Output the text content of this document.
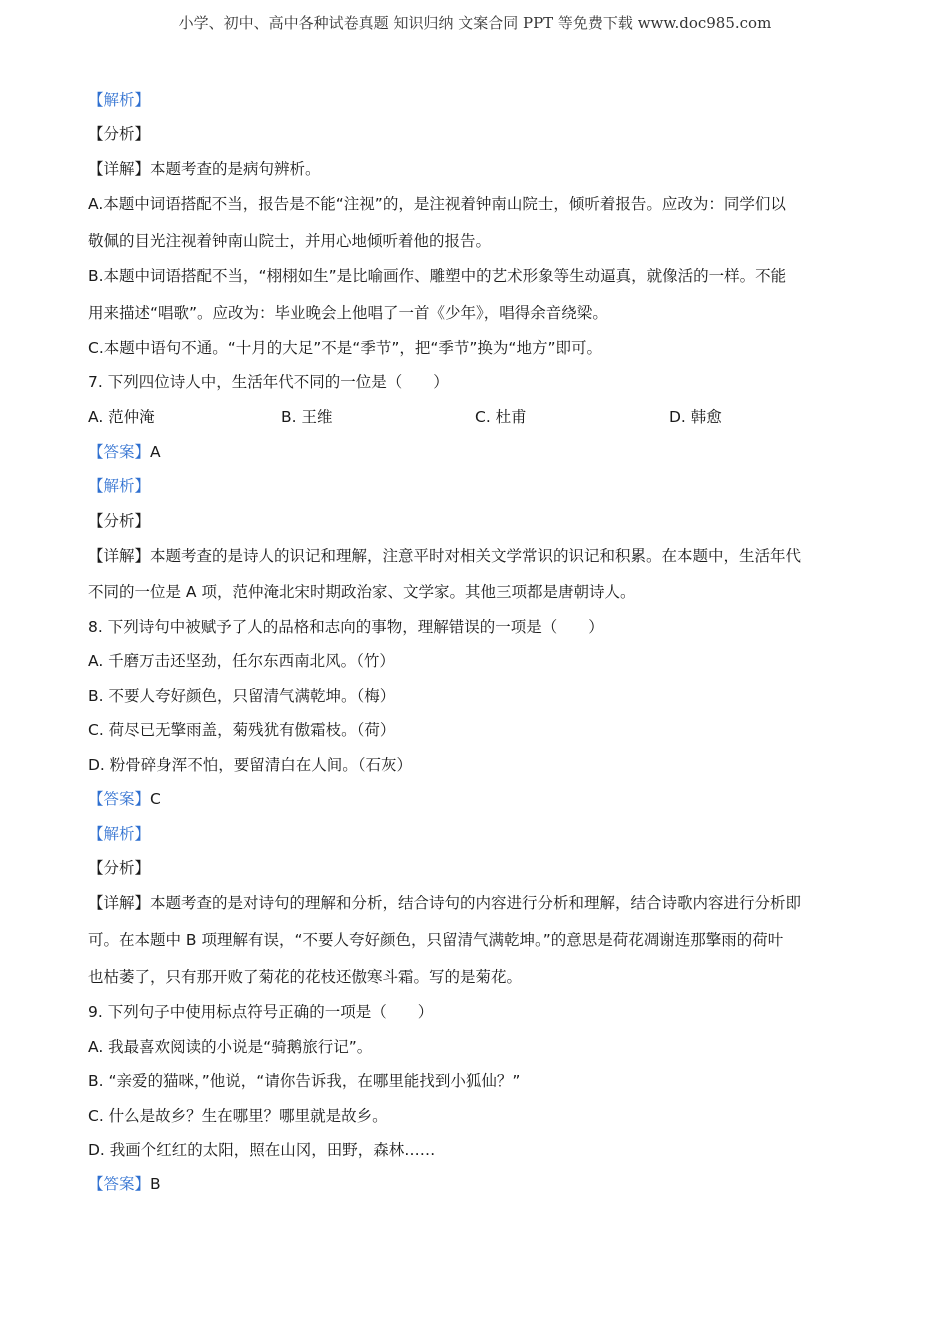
小学、初中、高中各种试卷真题 知识归纳 文案合同 PPT 等免费下载 www.doc985.com
【解析】
【分析】
【详解】本题考查的是病句辨析。
A.本题中词语搭配不当，报告是不能“注视”的，是注视着钟南山院士，倾听着报告。应改为：同学们以
敬佩的目光注视着钟南山院士，并用心地倾听着他的报告。
B.本题中词语搭配不当，“栩栩如生”是比喻画作、雕塑中的艺术形象等生动逼真，就像活的一样。不能
用来描述“唱歌”。应改为：毕业晚会上他唱了一首《少年》，唱得余音绕梁。
C.本题中语句不通。“十月的大足”不是“季节”，把“季节”换为“地方”即可。
7. 下列四位诗人中，生活年代不同的一位是（　　）
A. 范仲淹	B. 王维	C. 杜甫	D. 韩愈
【答案】A
【解析】
【分析】
【详解】本题考查的是诗人的识记和理解，注意平时对相关文学常识的识记和积累。在本题中，生活年代
不同的一位是 A 项，范仲淹北宋时期政治家、文学家。其他三项都是唐朝诗人。
8. 下列诗句中被赋予了人的品格和志向的事物，理解错误的一项是（　　）
A. 千磨万击还坚劲，任尔东西南北风。（竹）
B. 不要人夸好颜色，只留清气满乾坤。（梅）
C. 荷尽已无擎雨盖，菊残犹有傲霜枝。（荷）
D. 粉骨碎身浑不怕，要留清白在人间。（石灰）
【答案】C
【解析】
【分析】
【详解】本题考查的是对诗句的理解和分析，结合诗句的内容进行分析和理解，结合诗歌内容进行分析即
可。在本题中 B 项理解有误，“不要人夸好颜色，只留清气满乾坤。”的意思是荷花凋谢连那擎雨的荷叶
也枯萎了，只有那开败了菊花的花枝还傲寒斗霜。写的是菊花。
9. 下列句子中使用标点符号正确的一项是（　　）
A. 我最喜欢阅读的小说是“骑鹅旅行记”。
B. “亲爱的猫咪，”他说，“请你告诉我，在哪里能找到小狐仙？”
C. 什么是故乡？生在哪里？哪里就是故乡。
D. 我画个红红的太阳，照在山冈，田野，森林……
【答案】B
